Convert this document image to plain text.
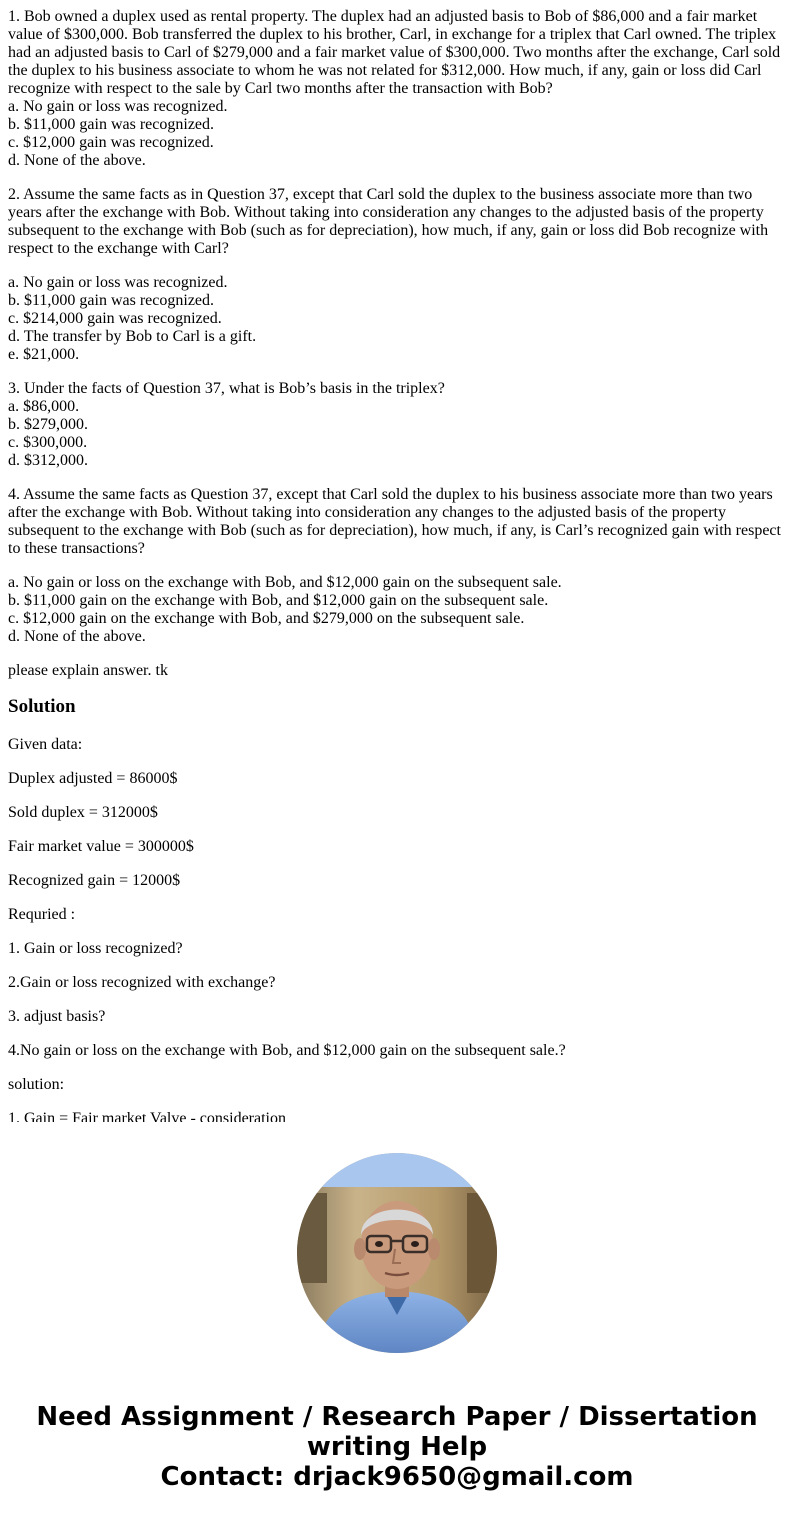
1. Bob owned a duplex used as rental property. The duplex had an adjusted basis to Bob of $86,000 and a fair market value of $300,000. Bob transferred the duplex to his brother, Carl, in exchange for a triplex that Carl owned. The triplex had an adjusted basis to Carl of $279,000 and a fair market value of $300,000. Two months after the exchange, Carl sold the duplex to his business associate to whom he was not related for $312,000. How much, if any, gain or loss did Carl recognize with respect to the sale by Carl two months after the transaction with Bob?

a. No gain or loss was recognized.
b. $11,000 gain was recognized.
c. $12,000 gain was recognized.
d. None of the above.

2. Assume the same facts as in Question 37, except that Carl sold the duplex to the business associate more than two years after the exchange with Bob. Without taking into consideration any changes to the adjusted basis of the property subsequent to the exchange with Bob (such as for depreciation), how much, if any, gain or loss did Bob recognize with respect to the exchange with Carl?

a. No gain or loss was recognized.
b. $11,000 gain was recognized.
c. $214,000 gain was recognized.
d. The transfer by Bob to Carl is a gift.
e. $21,000.

3. Under the facts of Question 37, what is Bob’s basis in the triplex?

a. $86,000.
b. $279,000.
c. $300,000.
d. $312,000.

4. Assume the same facts as Question 37, except that Carl sold the duplex to his business associate more than two years after the exchange with Bob. Without taking into consideration any changes to the adjusted basis of the property subsequent to the exchange with Bob (such as for depreciation), how much, if any, is Carl’s recognized gain with respect to these transactions?

a. No gain or loss on the exchange with Bob, and $12,000 gain on the subsequent sale.
b. $11,000 gain on the exchange with Bob, and $12,000 gain on the subsequent sale.
c. $12,000 gain on the exchange with Bob, and $279,000 on the subsequent sale.
d. None of the above.

please explain answer. tk

Solution

Given data:

Duplex adjusted = 86000$

Sold duplex = 312000$

Fair market value = 300000$

Recognized gain = 12000$

Requried :

1. Gain or loss recognized?

2.Gain or loss recognized with exchange?

3. adjust basis?

4.No gain or loss on the exchange with Bob, and $12,000 gain on the subsequent sale.?

solution:

1. Gain = Fair market Valve - consideration

Need Assignment / Research Paper / Dissertation
writing Help
Contact: drjack9650@gmail.com
